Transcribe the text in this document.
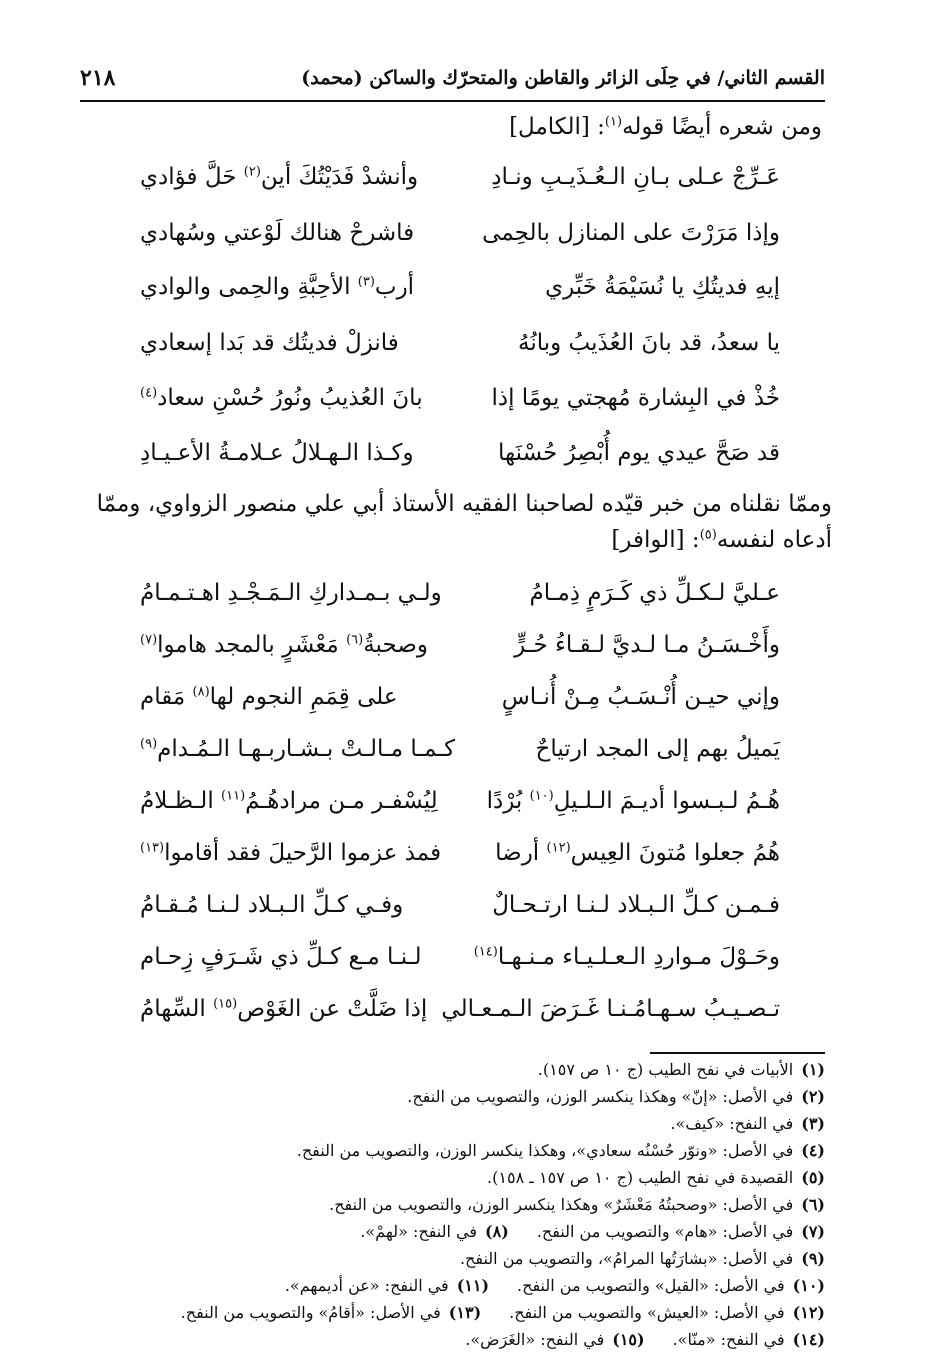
القسم الثاني/ في حِلَى الزائر والقاطن والمتحرّك والساكن (محمد)
٢١٨
ومن شعره أيضًا قوله$^{(١)}$: [الكامل]
عَـرِّجْ عـلى بـانِ الـعُـذَيـبِ ونـادِ
وأنشدْ فَدَيْتُكَ أين$^{(٢)}$ حَلَّ فؤادي
وإذا مَرَرْتَ على المنازل بالحِمى
فاشرحْ هنالك لَوْعتي وسُهادي
إيهِ فديتُكِ يا نُسَيْمَةُ خَبِّري
أرب$^{(٣)}$ الأحِبَّةِ والحِمى والوادي
يا سعدُ، قد بانَ العُذَيبُ وبانُهُ
فانزلْ فديتُك قد بَدا إسعادي
خُذْ في البِشارة مُهجتي يومًا إذا
بانَ العُذيبُ ونُورُ حُسْنِ سعاد$^{(٤)}$
قد صَحَّ عيدي يوم أُبْصِرُ حُسْنَها
وكـذا الـهـلالُ عـلامـةُ الأعـيـادِ
وممّا نقلناه من خبر قيّده لصاحبنا الفقيه الأستاذ أبي علي منصور الزواوي، وممّا
أدعاه لنفسه$^{(٥)}$: [الوافر]
عـليَّ لـكـلِّ ذي كَـرَمٍ ذِمـامُ
ولـي بـمـداركِ الـمَـجْـدِ اهـتـمـامُ
وأَخْـسَـنُ مـا لـديَّ لـقـاءُ حُـرٍّ
وصحبةُ$^{(٦)}$ مَعْشَرٍ بالمجد هاموا$^{(٧)}$
وإني حيـن أُنْـسَـبُ مِـنْ أُنـاسٍ
على قِمَمِ النجوم لها$^{(٨)}$ مَقام
يَميلُ بهم إلى المجد ارتياحٌ
كـمـا مـالـتْ بـشـاربـهـا الـمُـدام$^{(٩)}$
هُـمُ لـبـسوا أديـمَ الـلـيلِ$^{(١٠)}$ بُرْدًا
لِيُسْفـر مـن مرادهُـمُ$^{(١١)}$ الـظـلامُ
هُمُ جعلوا مُتونَ العِيس$^{(١٢)}$ أرضا
فمذ عزموا الرَّحيلَ فقد أقاموا$^{(١٣)}$
فـمـن كـلِّ الـبـلاد لـنـا ارتـحـالٌ
وفـي كـلِّ الـبـلاد لـنـا مُـقـامُ
وحَـوْلَ مـواردِ الـعـلـيـاء مـنـهـا$^{(١٤)}$
لـنـا مـع كـلِّ ذي شَـرَفٍ زِحـام
تـصـيـبُ سـهـامُـنـا غَـرَضَ الـمـعـالي
إذا ضَلَّتْ عن الغَوْص$^{(١٥)}$ السِّهامُ
(١)الأبيات في نفح الطيب (ج ١٠ ص ١٥٧).
(٢)في الأصل: «إنّ» وهكذا ينكسر الوزن، والتصويب من النفح.
(٣)في النفح: «كيف».
(٤)في الأصل: «ونوّر حُسْنُه سعادي»، وهكذا ينكسر الوزن، والتصويب من النفح.
(٥)القصيدة في نفح الطيب (ج ١٠ ص ١٥٧ ـ ١٥٨).
(٦)في الأصل: «وصحبتُهُ مَعْشَرٌ» وهكذا ينكسر الوزن، والتصويب من النفح.
(٧)في الأصل: «هام» والتصويب من النفح.(٨)في النفح: «لهمْ».
(٩)في الأصل: «بشارَتُها المرامُ»، والتصويب من النفح.
(١٠)في الأصل: «القيل» والتصويب من النفح.(١١)في النفح: «عن أديمهم».
(١٢)في الأصل: «العيش» والتصويب من النفح.(١٣)في الأصل: «أقامُ» والتصويب من النفح.
(١٤)في النفح: «منّا».(١٥)في النفح: «الغَرَض».
